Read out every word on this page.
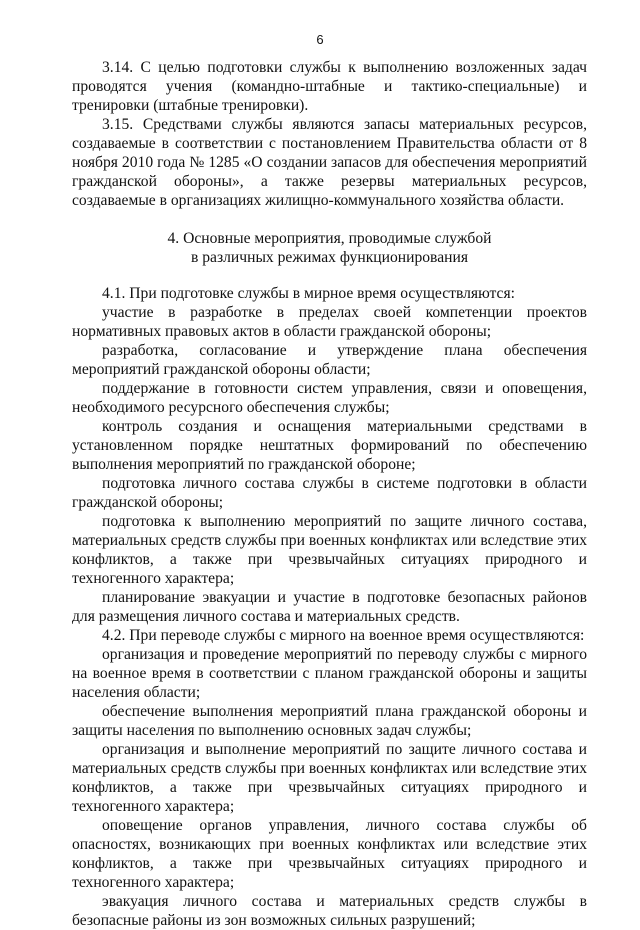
6

3.14. С целью подготовки службы к выполнению возложенных задач проводятся учения (командно-штабные и тактико-специальные) и тренировки (штабные тренировки).

3.15. Средствами службы являются запасы материальных ресурсов, создаваемые в соответствии с постановлением Правительства области от 8 ноября 2010 года № 1285 «О создании запасов для обеспечения мероприятий гражданской обороны», а также резервы материальных ресурсов, создаваемые в организациях жилищно-коммунального хозяйства области.

4. Основные мероприятия, проводимые службой
в различных режимах функционирования

4.1. При подготовке службы в мирное время осуществляются:

участие в разработке в пределах своей компетенции проектов нормативных правовых актов в области гражданской обороны;

разработка, согласование и утверждение плана обеспечения мероприятий гражданской обороны области;

поддержание в готовности систем управления, связи и оповещения, необходимого ресурсного обеспечения службы;

контроль создания и оснащения материальными средствами в установленном порядке нештатных формирований по обеспечению выполнения мероприятий по гражданской обороне;

подготовка личного состава службы в системе подготовки в области гражданской обороны;

подготовка к выполнению мероприятий по защите личного состава, материальных средств службы при военных конфликтах или вследствие этих конфликтов, а также при чрезвычайных ситуациях природного и техногенного характера;

планирование эвакуации и участие в подготовке безопасных районов для размещения личного состава и материальных средств.

4.2. При переводе службы с мирного на военное время осуществляются:

организация и проведение мероприятий по переводу службы с мирного на военное время в соответствии с планом гражданской обороны и защиты населения области;

обеспечение выполнения мероприятий плана гражданской обороны и защиты населения по выполнению основных задач службы;

организация и выполнение мероприятий по защите личного состава и материальных средств службы при военных конфликтах или вследствие этих конфликтов, а также при чрезвычайных ситуациях природного и техногенного характера;

оповещение органов управления, личного состава службы об опасностях, возникающих при военных конфликтах или вследствие этих конфликтов, а также при чрезвычайных ситуациях природного и техногенного характера;

эвакуация личного состава и материальных средств службы в безопасные районы из зон возможных сильных разрушений;
